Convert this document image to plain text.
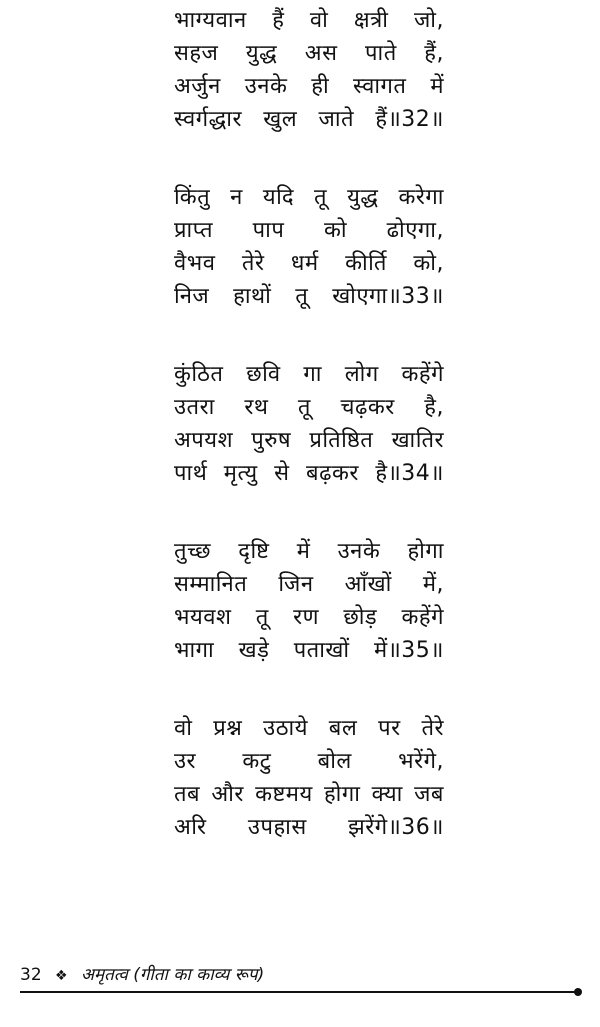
भाग्यवान हैं वो क्षत्री जो,
सहज युद्ध अस पाते हैं,
अर्जुन उनके ही स्वागत में
स्वर्गद्धार खुल जाते हैं॥32॥
किंतु न यदि तू युद्ध करेगा
प्राप्त पाप को ढोएगा,
वैभव तेरे धर्म कीर्ति को,
निज हाथों तू खोएगा॥33॥
कुंठित छवि गा लोग कहेंगे
उतरा रथ तू चढ़कर है,
अपयश पुरुष प्रतिष्ठित खातिर
पार्थ मृत्यु से बढ़कर है॥34॥
तुच्छ दृष्टि में उनके होगा
सम्मानित जिन आँखों में,
भयवश तू रण छोड़ कहेंगे
भागा खड़े पताखों में॥35॥
वो प्रश्न उठाये बल पर तेरे
उर कटु बोल भरेंगे,
तब और कष्टमय होगा क्या जब
अरि उपहास झरेंगे॥36॥
32 ❖ अमृतत्व (गीता का काव्य रूप)
